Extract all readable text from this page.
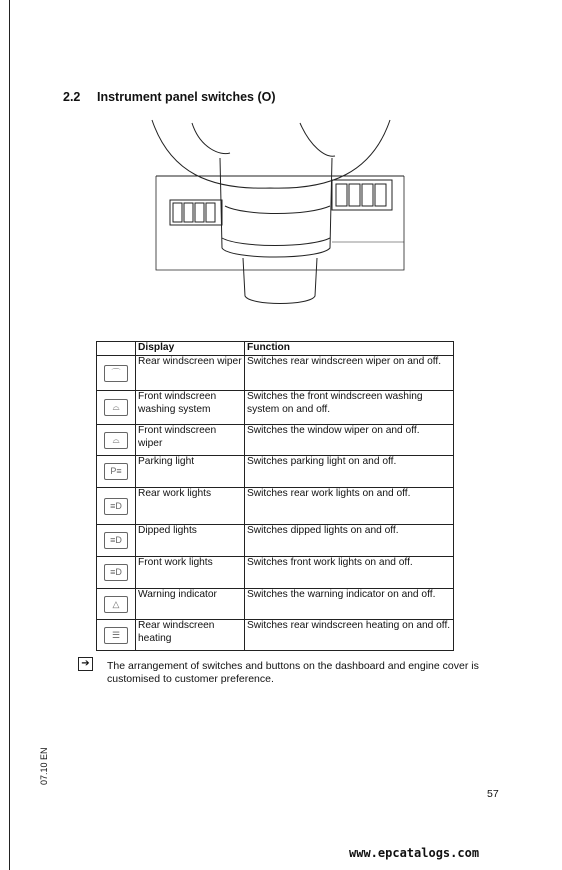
2.2 Instrument panel switches (O)
	Display	Function
⌒	Rear windscreen wiper	Switches rear windscreen wiper on and off.
⌓	Front windscreen washing system	Switches the front windscreen washing system on and off.
⌓	Front windscreen wiper	Switches the window wiper on and off.
P≡	Parking light	Switches parking light on and off.
≡D	Rear work lights	Switches rear work lights on and off.
≡D	Dipped lights	Switches dipped lights on and off.
≡D	Front work lights	Switches front work lights on and off.
△	Warning indicator	Switches the warning indicator on and off.
☰	Rear windscreen heating	Switches rear windscreen heating on and off.
➔	The arrangement of switches and buttons on the dashboard and engine cover is customised to customer preference.
07.10 EN
57
www.epcatalogs.com
